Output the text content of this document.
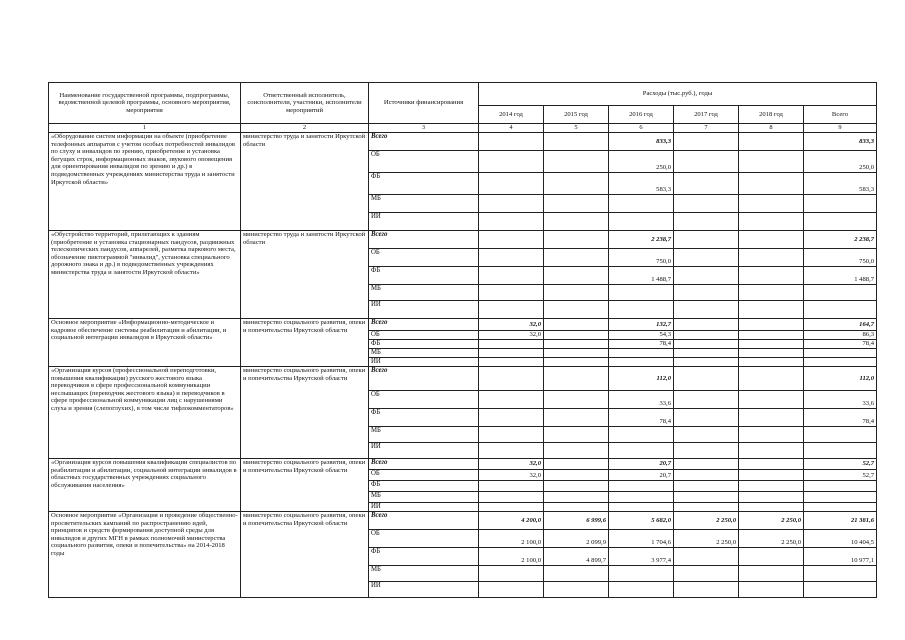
Наименование государственной программы, подпрограммы, ведомственной целевой программы, основного мероприятия, мероприятия	Ответственный исполнитель, соисполнители, участники, исполнители мероприятий	Источники финансирования	Расходы (тыс.руб.), годы					
			2014 год	2015 год	2016 год	2017 год	2018 год	Всего
1	2	3	4	5	6	7	8	9
«Оборудование систем информации на объекте (приобретение телефонных аппаратов с учетом особых потребностей инвалидов по слуху и инвалидов по зрению, приобретение и установка бегущих строк, информационных знаков, звукового оповещения для ориентирования инвалидов по зрению и др.) в подведомственных учреждениях министерства труда и занятости Иркутской области»	министерство труда и занятости Иркутской области	Всего			833,3			833,3
		ОБ			250,0			250,0
		ФБ			583,3			583,3
		МБ						
		ИИ						
«Обустройство территорий, прилегающих к зданиям (приобретение и установка стационарных пандусов, раздвижных телескопических пандусов, аппарелей, разметка паркового места, обозначение пиктограммой "инвалид", установка специального дорожного знака и др.) в подведомственных учреждениях министерства труда и занятости Иркутской области»	министерство труда и занятости Иркутской области	Всего			2 238,7			2 238,7
		ОБ			750,0			750,0
		ФБ			1 488,7			1 488,7
		МБ						
		ИИ						
Основное мероприятие «Информационно-методическое и кадровое обеспечение системы реабилитации и абилитации, и социальной интеграции инвалидов в Иркутской области»	министерство социального развития, опеки и попечительства Иркутской области	Всего	32,0		132,7			164,7
		ОБ	32,0		54,3			86,3
		ФБ			78,4			78,4
		МБ						
		ИИ						
«Организация курсов (профессиональной переподготовки, повышения квалификации) русского жестового языка переводчиков в сфере профессиональной коммуникации неслышащих (переводчик жестового языка) и переводчиков в сфере профессиональной коммуникации лиц с нарушениями слуха и зрения (слепоглухих), в том числе тифлокомментаторов»	министерство социального развития, опеки и попечительства Иркутской области	Всего			112,0			112,0
		ОБ			33,6			33,6
		ФБ			78,4			78,4
		МБ						
		ИИ						
«Организация курсов повышения квалификации специалистов по реабилитации и абилитации, социальной интеграции инвалидов в областных государственных учреждениях социального обслуживания населения»	министерство социального развития, опеки и попечительства Иркутской области	Всего	32,0		20,7			52,7
		ОБ	32,0		20,7			52,7
		ФБ						
		МБ						
		ИИ						
Основное мероприятие «Организация и проведение общественно-просветительских кампаний по распространению идей, принципов и средств формирования доступной среды для инвалидов и других МГН в рамках полномочий министерства социального развития, опеки и попечительства» на 2014-2018 годы	министерство социального развития, опеки и попечительства Иркутской области	Всего	4 200,0	6 999,6	5 682,0	2 250,0	2 250,0	21 381,6
		ОБ	2 100,0	2 099,9	1 704,6	2 250,0	2 250,0	10 404,5
		ФБ	2 100,0	4 899,7	3 977,4			10 977,1
		МБ						
		ИИ						
